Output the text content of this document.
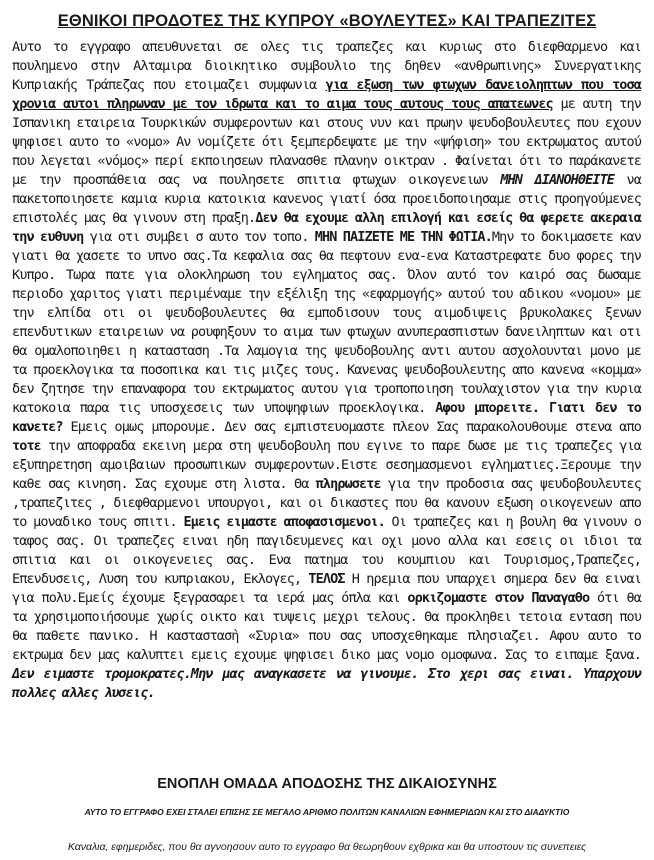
ΕΘΝΙΚΟΙ ΠΡΟΔΟΤΕΣ ΤΗΣ ΚΥΠΡΟΥ «ΒΟΥΛΕΥΤΕΣ» ΚΑΙ ΤΡΑΠΕΖΙΤΕΣ
Αυτο το εγγραφο απευθυνεται σε ολες τις τραπεζες και κυριως στο διεφθαρμενο και πουλημενο στην Αλταμιρα διοικητικο συμβουλιο της δηθεν «ανθρωπινης» Συνεργατικης Κυπριακής Τράπεζας που ετοιμαζει συμφωνια για εξωση των φτωχων δανειοληπτων που τοσα χρονια αυτοι πληρωναν με τον ιδρωτα και το αιμα τους αυτους τους απατεωνες με αυτη την Ισπανικη εταιρεια Τουρκικών συμφεροντων και στους νυν και πρωην ψευδοβουλευτες που εχουν ψηφισει αυτο το «νομο» Αν νομίζετε ότι ξεμπερδεψατε με την «ψήφιση» του εκτρωματος αυτού που λεγεται «νόμος» περί εκποιησεων πλανασθε πλανην οικτραν . Φαίνεται ότι το παράκανετε με την προσπάθεια σας να πουλησετε σπιτια φτωχων οικογενειων ΜΗΝ ΔΙΑΝΟΗΘΕΙΤΕ να πακετοποιησετε καμια κυρια κατοικια κανενος γιατί όσα προειδοποιησαμε στις προηγούμενες επιστολές μας θα γινουν στη πραξη.Δεν θα εχουμε αλλη επιλογή και εσείς θα φερετε ακεραια την ευθυνη για οτι συμβει σ αυτο τον τοπο. ΜΗΝ ΠΑΙΖΕΤΕ ΜΕ ΤΗΝ ΦΩΤΙΑ.Μην το δοκιμασετε καν γιατι θα χασετε το υπνο σας.Τα κεφαλια σας θα πεφτουν ενα-ενα Καταστρεφατε δυο φορες την Κυπρο. Τωρα πατε για ολοκληρωση του εγληματος σας. Όλον αυτό τον καιρό σας δωσαμε περιοδο χαριτος γιατι περιμέναμε την εξέλιξη της «εφαρμογής» αυτού του αδικου «νομου» με την ελπίδα οτι οι ψευδοβουλευτες θα εμποδισουν τους αιμοδιψεις βρυκολακες ξενων επενδυτικων εταιρειων να ρουφηξουν το αιμα των φτωχων ανυπερασπιστων δανειληπτων και οτι θα ομαλοποιηθει η κατασταση .Τα λαμογια της ψευδοβουλης αντι αυτου ασχολουνται μονο με τα προεκλογικα τα ποσοπικα και τις μιζες τους. Κανενας ψευδοβουλευτης απο κανενα «κομμα» δεν ζητησε την επαναφορα του εκτρωματος αυτου για τροποποιηση τουλαχιστον για την κυρια κατοκοια παρα τις υποσχεσεις των υποψηφιων προεκλογικα. Αφου μπορειτε. Γιατι δεν το κανετε? Εμεις ομως μπορουμε. Δεν σας εμπιστευομαστε πλεον Σας παρακολουθουμε στενα απο τοτε την αποφραδα εκεινη μερα στη ψευδοβουλη που εγινε το παρε δωσε με τις τραπεζες για εξυπηρετηση αμοιβαιων προσωπικων συμφεροντων.Ειστε σεσημασμενοι εγληματιες.Ξερουμε την καθε σας κινηση. Σας εχουμε στη λιστα. Θα πληρωσετε για την προδοσια σας ψευδοβουλευτες ,τραπεζιτες , διεφθαρμενοι υπουργοι, και οι δικαστες που θα κανουν εξωση οικογενεων απο το μοναδικο τους σπιτι. Εμεις ειμαστε αποφασισμενοι. Οι τραπεζες και η βουλη θα γινουν ο ταφος σας. Οι τραπεζες ειναι ηδη παγιδευμενες και οχι μονο αλλα και εσεις οι ιδιοι τα σπιτια και οι οικογενειες σας. Ενα πατημα του κουμπιου και Τουρισμος,Τραπεζες, Επενδυσεις, Λυση του κυπριακου, Εκλογες, ΤΕΛΟΣ Η ηρεμια που υπαρχει σημερα δεν θα ειναι για πολυ.Εμείς έχουμε ξεγρασαρει τα ιερά μας όπλα και ορκιζομαστε στον Παναγαθο ότι θα τα χρησιμοποιήσουμε χωρίς οικτο και τυψεις μεχρι τελους. Θα προκληθει τετοια ενταση που θα παθετε πανικο. Η κασταστασ̀η «Συρια» που σας υποσχεθηκαμε πλησιαζει. Αφου αυτο το εκτρωμα δεν μας καλυπτει εμεις εχουμε ψηφισει δικο μας νομο ομοφωνα. Σας το ειπαμε ξανα. Δεν ειμαστε τρομοκρατες.Μην μας αναγκασετε να γινουμε. Στο χερι σας ειναι. Υπαρχουν πολλες αλλες λυσεις.
ΕΝΟΠΛΗ ΟΜΑΔΑ ΑΠΟΔΟΣΗΣ ΤΗΣ ΔΙΚΑΙΟΣΥΝΗΣ
ΑΥΤΟ ΤΟ ΕΓΓΡΑΦΟ ΕΧΕΙ ΣΤΑΛΕΙ ΕΠΙΣΗΣ ΣΕ ΜΕΓΑΛΟ ΑΡΙΘΜΟ ΠΟΛΙΤΩΝ ΚΑΝΑΛΙΩΝ ΕΦΗΜΕΡΙΔΩΝ ΚΑΙ ΣΤΟ ΔΙΑΔΥΚΤΙΟ
Καναλια, εφημεριδες, που θα αγνοησουν αυτο το εγγραφο θα θεωρηθουν εχθρικα και θα υποστουν τις συνεπειες
